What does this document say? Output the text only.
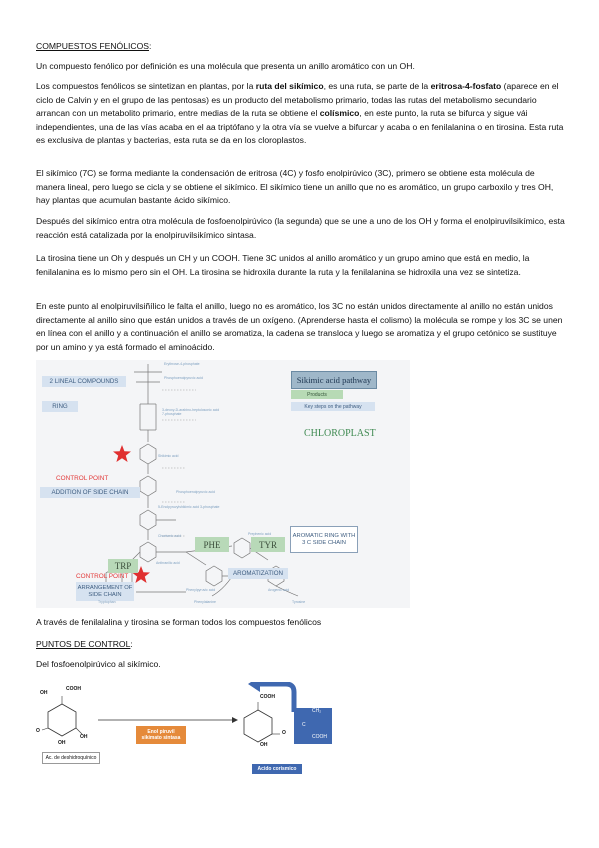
COMPUESTOS FENÓLICOS:

Un compuesto fenólico por definición es una molécula que presenta un anillo aromático con un OH.

Los compuestos fenólicos se sintetizan en plantas, por la ruta del sikímico, es una ruta, se parte de la eritrosa-4-fosfato (aparece en el ciclo de Calvin y en el grupo de las pentosas) es un producto del metabolismo primario, todas las rutas del metabolismo secundario arrancan con un metabolito primario, entre medias de la ruta se obtiene el colísmico, en este punto, la ruta se bifurca y sigue vái independientes, una de las vías acaba en el aa triptófano y la otra vía se vuelve a bifurcar y acaba o en fenilalanina o en tirosina. Esta ruta es exclusiva de plantas y bacterias, esta ruta se da en los cloroplastos.

El sikímico (7C) se forma mediante la condensación de eritrosa (4C) y fosfo enolpirúvico (3C), primero se obtiene esta molécula de manera lineal, pero luego se cicla y se obtiene el sikímico. El sikímico tiene un anillo que no es aromático, un grupo carboxilo y tres OH, hay plantas que acumulan bastante ácido sikímico.

Después del sikímico entra otra molécula de fosfoenolpirúvico (la segunda) que se une a uno de los OH y forma el enolpiruvilsikímico, esta reacción está catalizada por la enolpiruvilsikímico sintasa.

La tirosina tiene un Oh y después un CH y un COOH. Tiene 3C unidos al anillo aromático y un grupo amino que está en medio, la fenilalanina es lo mismo pero sin el OH. La tirosina se hidroxila durante la ruta y la fenilalanina se hidroxila una vez se sintetiza.

En este punto al enolpiruvilsiñílico le falta el anillo, luego no es aromático, los 3C no están unidos directamente al anillo no están unidos directamente al anillo sino que están unidos a través de un oxígeno. (Aprenderse hasta el colismo) la molécula se rompe y los 3C se unen en línea con el anillo y a continuación el anillo se aromatiza, la cadena se transloca y luego se aromatiza y el grupo cetónico se sustituye por un amino y ya está formado el aminoácido.

2 LINEAL COMPOUNDS
RING
Sikimic acid pathway
Products
Key steps on the pathway
CHLOROPLAST
CONTROL POINT
ADDITION OF SIDE CHAIN
PHE	TYR
AROMATIC RING WITH 3 C SIDE CHAIN
TRP
CONTROL POINT	AROMATIZATION
ARRANGEMENT OF SIDE CHAIN
Erythrose-4-phosphate
Phosphoenolpyruvic acid
3-deoxy-D-arabino-heptulosonic acid 7-phosphate
Shikimic acid
Phosphoenolpyruvic acid
5-Enolpyruvylshikimic acid 3-phosphate
Chorismic acid	Prephenic acid
Anthranilic acid
Phenylpyruvic acid	Arogenic acid
Tryptophan	Phenylalanine	Tyrosine

A través de fenilalalina y tirosina se forman todos los compuestos fenólicos

PUNTOS DE CONTROL:

Del fosfoenolpirúvico al sikímico.

COOH
OH
O
OH
OH
Ac. de deshidroquínico
Enol piruvil
sikimato sintasa
COOH
OH
O
CH₂
C
COOH
Acido corismico
